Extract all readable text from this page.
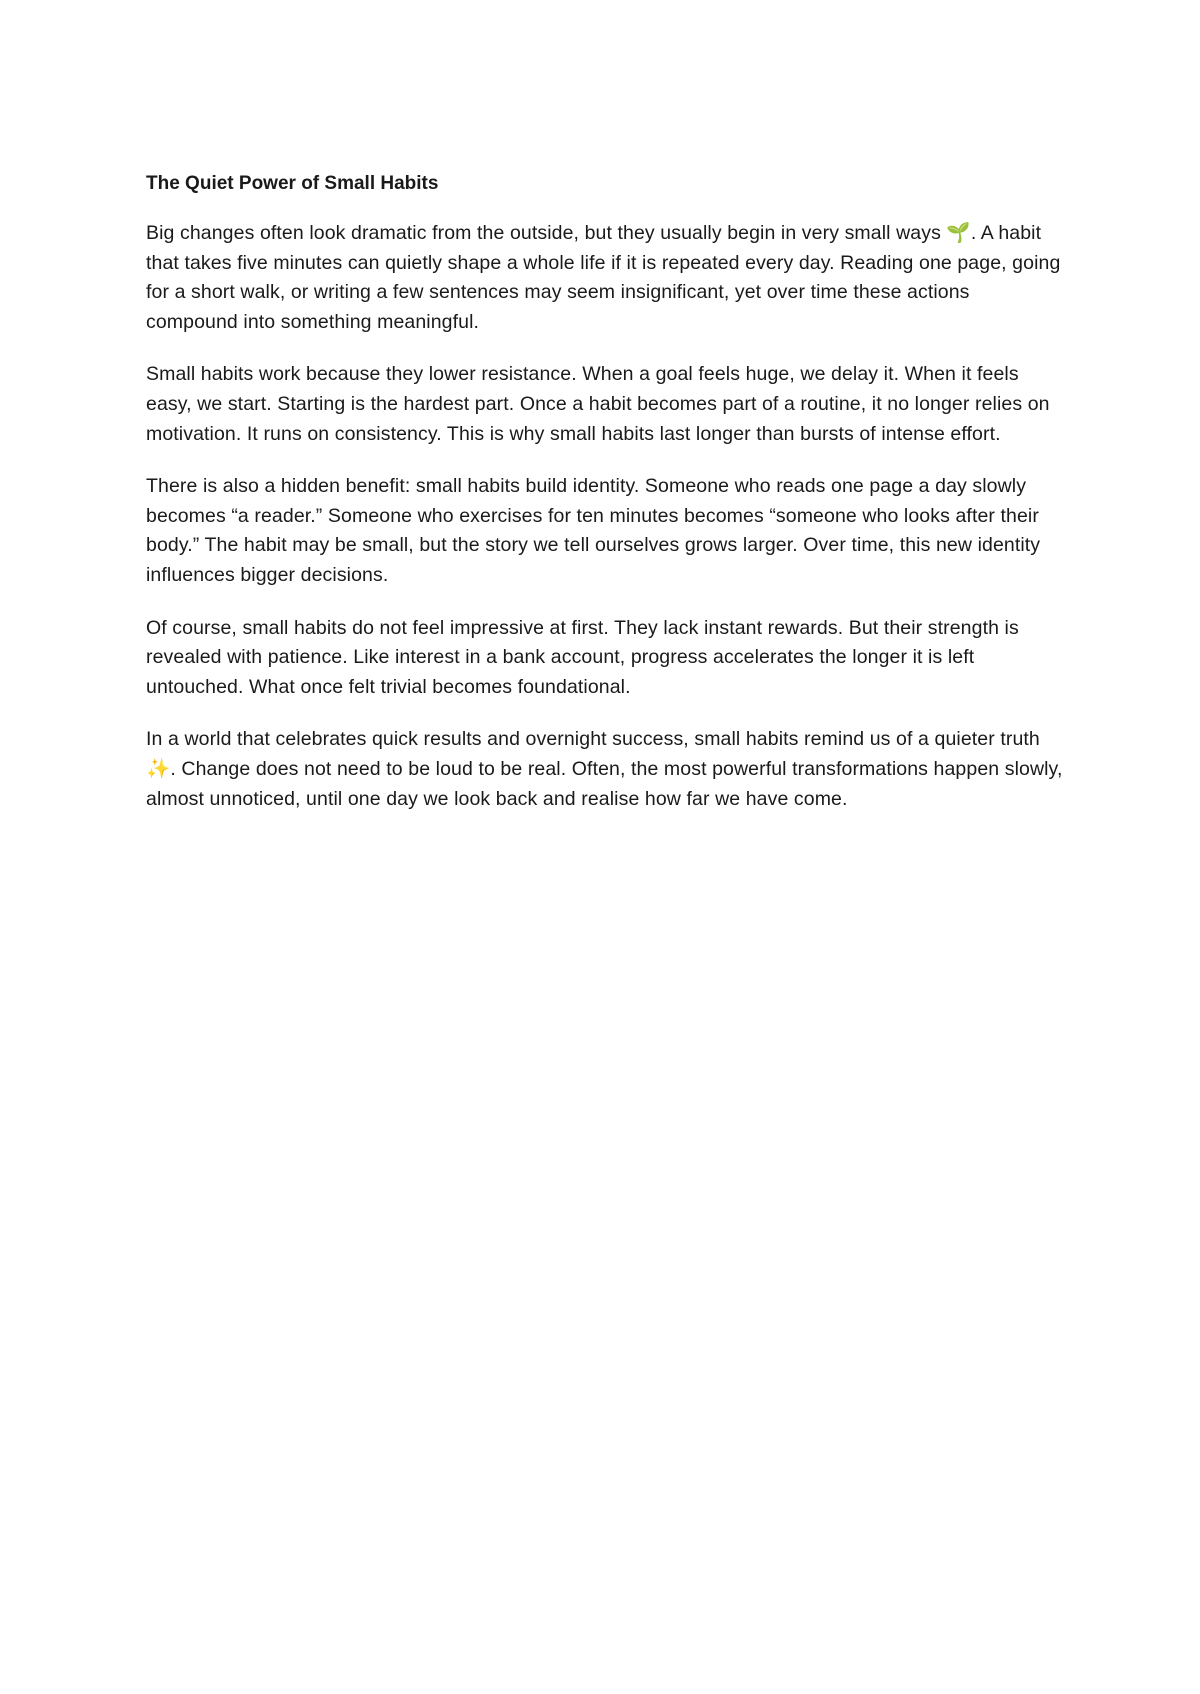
The Quiet Power of Small Habits

Big changes often look dramatic from the outside, but they usually begin in very small ways 🌱. A habit that takes five minutes can quietly shape a whole life if it is repeated every day. Reading one page, going for a short walk, or writing a few sentences may seem insignificant, yet over time these actions compound into something meaningful.

Small habits work because they lower resistance. When a goal feels huge, we delay it. When it feels easy, we start. Starting is the hardest part. Once a habit becomes part of a routine, it no longer relies on motivation. It runs on consistency. This is why small habits last longer than bursts of intense effort.

There is also a hidden benefit: small habits build identity. Someone who reads one page a day slowly becomes “a reader.” Someone who exercises for ten minutes becomes “someone who looks after their body.” The habit may be small, but the story we tell ourselves grows larger. Over time, this new identity influences bigger decisions.

Of course, small habits do not feel impressive at first. They lack instant rewards. But their strength is revealed with patience. Like interest in a bank account, progress accelerates the longer it is left untouched. What once felt trivial becomes foundational.

In a world that celebrates quick results and overnight success, small habits remind us of a quieter truth ✨. Change does not need to be loud to be real. Often, the most powerful transformations happen slowly, almost unnoticed, until one day we look back and realise how far we have come.
